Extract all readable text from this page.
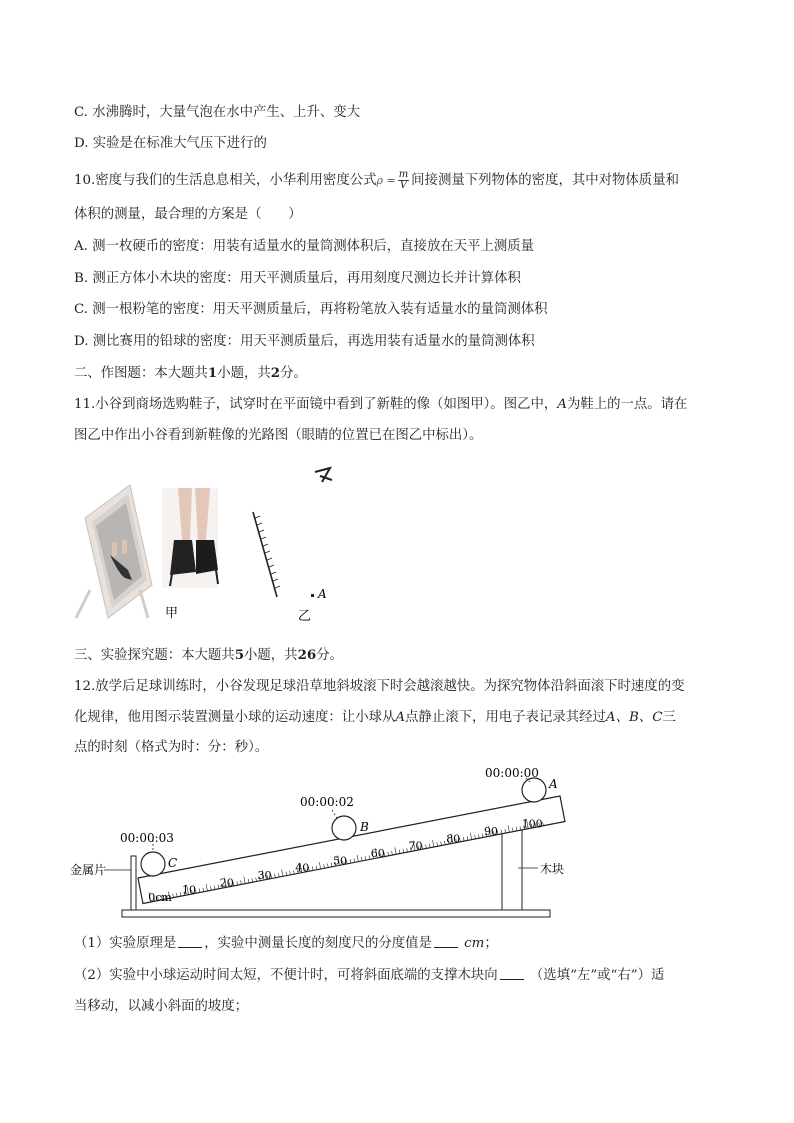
C. 水沸腾时，大量气泡在水中产生、上升、变大
D. 实验是在标准大气压下进行的
10.密度与我们的生活息息相关，小华利用密度公式$\rho = \frac{m}{V}$ 间接测量下列物体的密度，其中对物体质量和
体积的测量，最合理的方案是（　　）
A. 测一枚硬币的密度：用装有适量水的量筒测体积后，直接放在天平上测质量
B. 测正方体小木块的密度：用天平测质量后，再用刻度尺测边长并计算体积
C. 测一根粉笔的密度：用天平测质量后，再将粉笔放入装有适量水的量筒测体积
D. 测比赛用的铅球的密度：用天平测质量后，再选用装有适量水的量筒测体积
二、作图题：本大题共1小题，共2分。
11.小谷到商场选购鞋子，试穿时在平面镜中看到了新鞋的像（如图甲）。图乙中，A为鞋上的一点。请在
图乙中作出小谷看到新鞋像的光路图（眼睛的位置已在图乙中标出）。
甲
A
乙
三、实验探究题：本大题共5小题，共26分。
12.放学后足球训练时，小谷发现足球沿草地斜坡滚下时会越滚越快。为探究物体沿斜面滚下时速度的变
化规律，他用图示装置测量小球的运动速度：让小球从A点静止滚下，用电子表记录其经过A、B、C三
点的时刻（格式为时：分：秒）。
木块
金属片
0cm
10
20
30
40
50
60
70
80
90
100
C
B
A
00:00:03
00:00:02
00:00:00
（1）实验原理是 ，实验中测量长度的刻度尺的分度值是 cm；
（2）实验中小球运动时间太短，不便计时，可将斜面底端的支撑木块向 （选填“左”或“右”）适
当移动，以减小斜面的坡度；
